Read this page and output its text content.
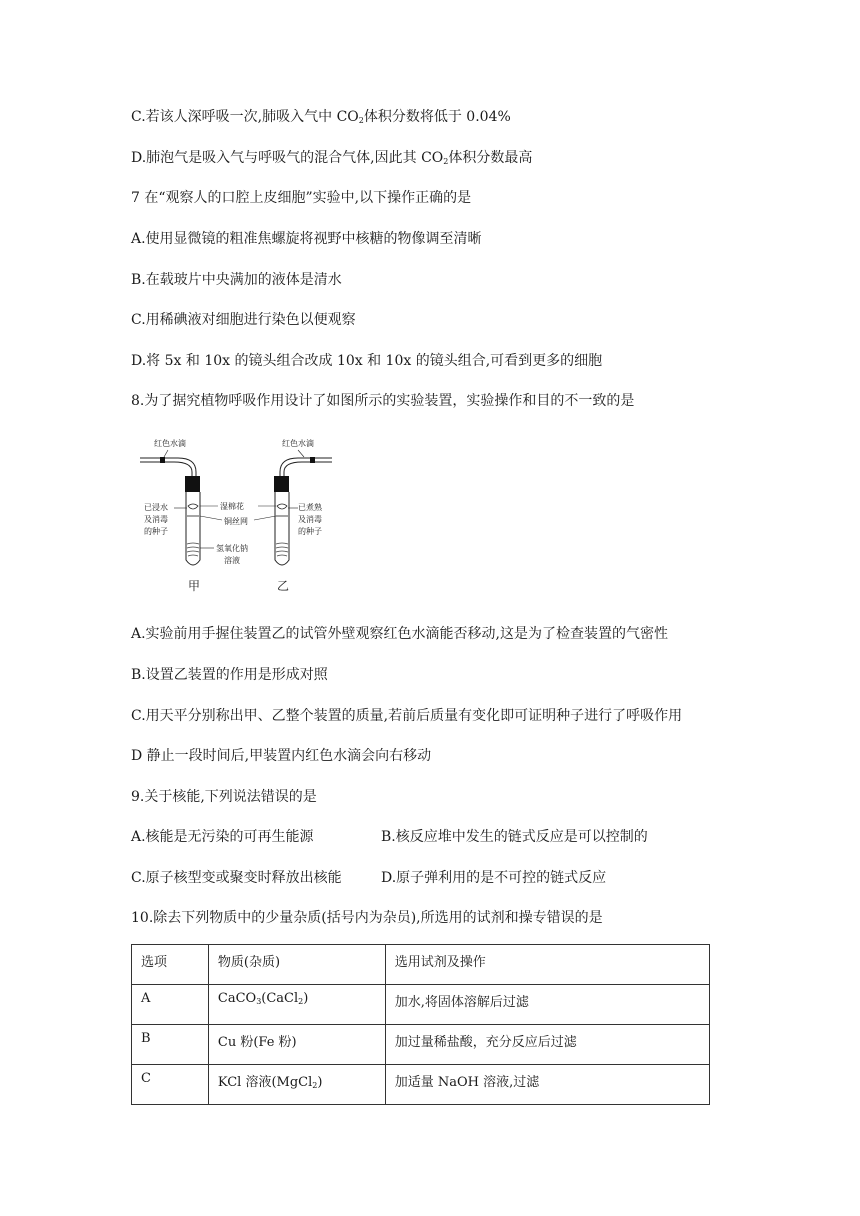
C.若该人深呼吸一次,肺吸入气中 $CO_2$体积分数将低于 0.04%
D.肺泡气是吸入气与呼吸气的混合气体,因此其 $CO_2$体积分数最高
7 在“观察人的口腔上皮细胞”实验中,以下操作正确的是
A.使用显微镜的粗准焦螺旋将视野中核糖的物像调至清晰
B.在载玻片中央满加的液体是清水
C.用稀碘液对细胞进行染色以便观察
D.将 5x 和 10x 的镜头组合改成 10x 和 10x 的镜头组合,可看到更多的细胞
8.为了据究植物呼吸作用设计了如图所示的实验装置，实验操作和目的不一致的是
红色水滴	红色水滴
已浸水
及消毒
的种子
湿棉花
铜丝网
氢氧化钠
溶液
已煮熟
及消毒
的种子
甲	乙
A.实验前用手握住装置乙的试管外壁观察红色水滴能否移动,这是为了检查装置的气密性
B.设置乙装置的作用是形成对照
C.用天平分别称出甲、乙整个装置的质量,若前后质量有变化即可证明种子进行了呼吸作用
D 静止一段时间后,甲装置内红色水滴会向右移动
9.关于核能,下列说法错误的是
A.核能是无污染的可再生能源	B.核反应堆中发生的链式反应是可以控制的
C.原子核型变或聚变时释放出核能	D.原子弹利用的是不可控的链式反应
10.除去下列物质中的少量杂质(括号内为杂员),所选用的试剂和操专错误的是
选项	物质(杂质)	选用试剂及操作
A	CaCO$_3$(CaCl$_2$)	加水,将固体溶解后过滤
B	Cu 粉(Fe 粉)	加过量稀盐酸，充分反应后过滤
C	KCl 溶液(MgCl$_2$)	加适量 NaOH 溶液,过滤
